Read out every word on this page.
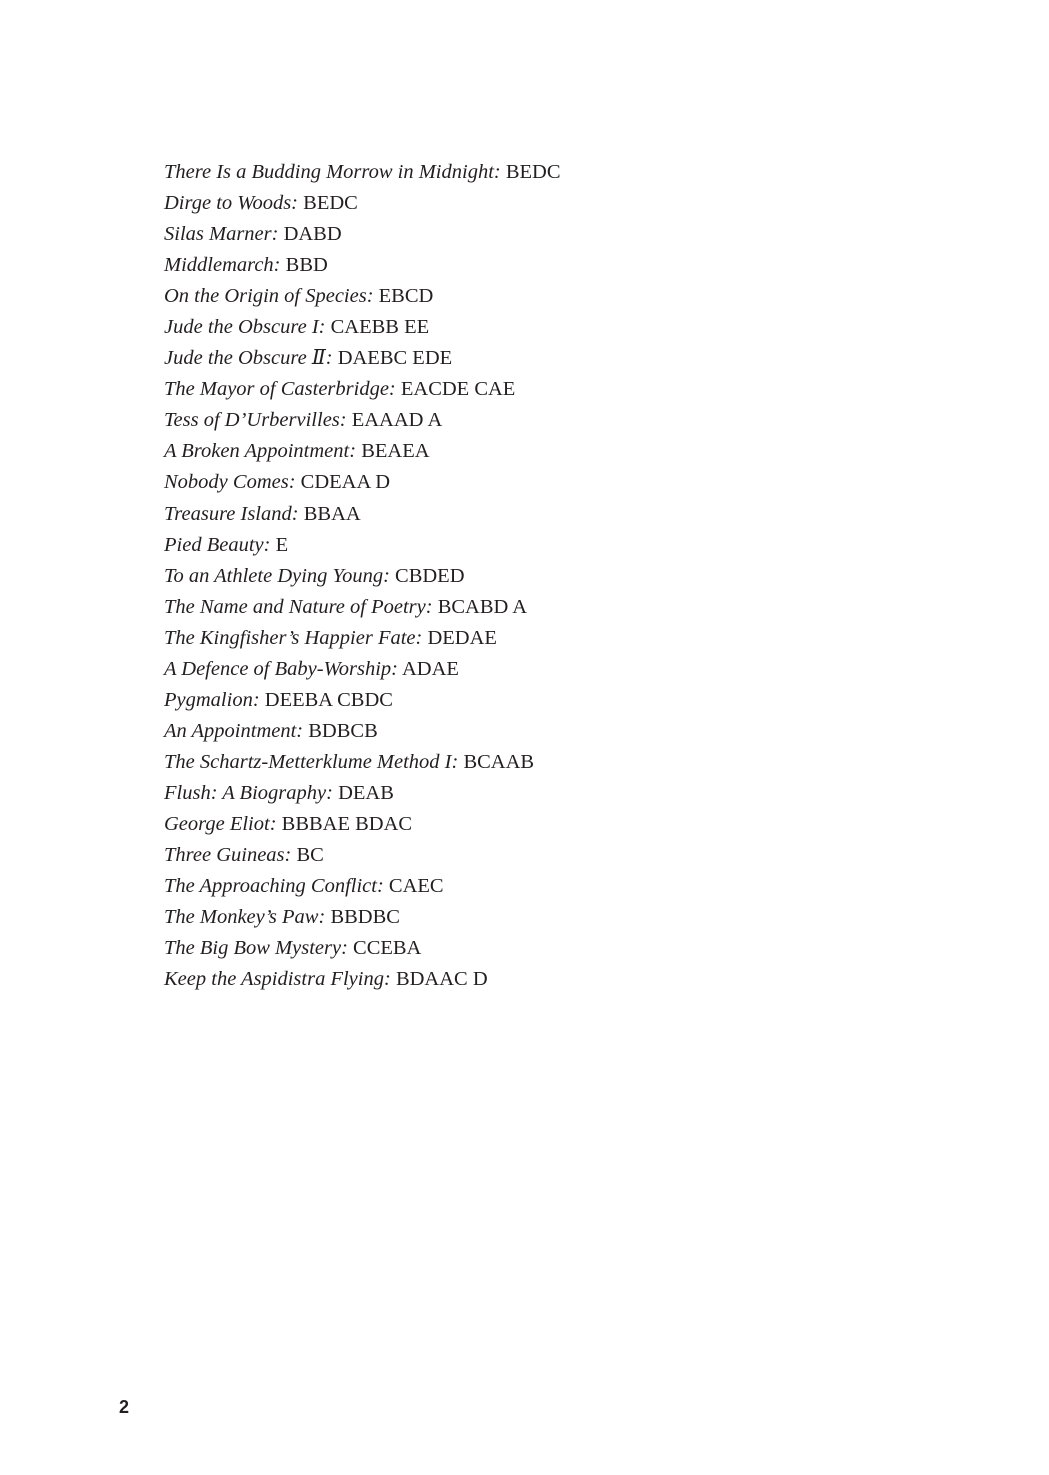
There Is a Budding Morrow in Midnight: BEDC
Dirge to Woods: BEDC
Silas Marner: DABD
Middlemarch: BBD
On the Origin of Species: EBCD
Jude the Obscure I: CAEBB EE
Jude the Obscure Ⅱ: DAEBC EDE
The Mayor of Casterbridge: EACDE CAE
Tess of D’Urbervilles: EAAAD A
A Broken Appointment: BEAEA
Nobody Comes: CDEAA D
Treasure Island: BBAA
Pied Beauty: E
To an Athlete Dying Young: CBDED
The Name and Nature of Poetry: BCABD A
The Kingfisher’s Happier Fate: DEDAE
A Defence of Baby-Worship: ADAE
Pygmalion: DEEBA CBDC
An Appointment: BDBCB
The Schartz-Metterklume Method I: BCAAB
Flush: A Biography: DEAB
George Eliot: BBBAE BDAC
Three Guineas: BC
The Approaching Conflict: CAEC
The Monkey’s Paw: BBDBC
The Big Bow Mystery: CCEBA
Keep the Aspidistra Flying: BDAAC D
2
